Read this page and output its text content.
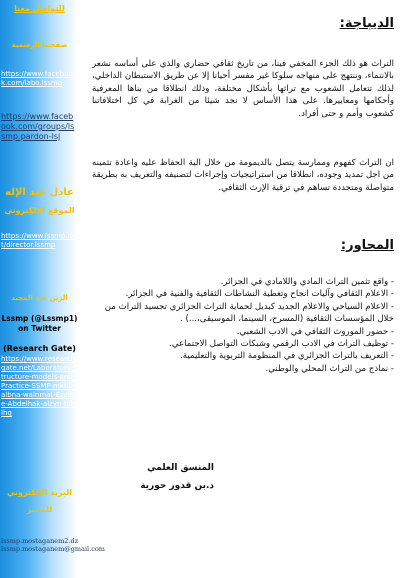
للتواصل معنا
صفحتنا الرسمية
https://www.facebook.com/labo.lssmp
https://www.facebook.com/groups/lssmp.pardon-lsj
عادل عبد الإله
الموقع الالكتروني
https://www.lssmp.net/director.lssmp
الزين عبد المجيد
Lssmp (@Lssmp1)
on Twitter
(Research Gate)
https://www.researchgate.net/Laboratory-Structure-models-and-Practice-SSMP-mkhbr-albna-walnmat-Ezzine-Abdelhak-alzyn-bdalhq
البريد الالكتروني
للمخبر
lssmp.mostaganem2.dz
lssmp.mostaganem@gmail.com
الديباجة:

التراث هو ذلك الجزء المخفي فينا، من تاريخ ثقافي حضاري والذي على أساسه نشعر بالانتماء، وننتهج على منهاجه سلوكا غير مفسر أحيانا إلا عن طريق الاستبطان الداخلي، لذلك تتعامل الشعوب مع تراثها بأشكال مختلفة، وذلك انطلاقا من بناها المعرفية وأحكامها ومعاييرها. على هذا الأساس لا نجد شيئا من الغرابة في كل اختلافاتنا كشعوب وأمم و حتى أفراد.

ان التراث كفهوم وممارسة يتصل بالديمومة من خلال الية الحفاظ عليه واعادة تثمينه من اجل تمديد وجوده، انطلاقا من استراتيجيات وإجراءات لتصنيفه والتعريف به بطريقة متواصلة ومتجددة تساهم في ترقية الإرث الثقافي.

المحاور:
- واقع تثمين التراث المادي واللامادي في الجزائر.
- الاعلام الثقافي وآليات انجاح وتغطية النشاطات الثقافية والفنية في الجزائر.
- الاعلام السياحي والاعلام الجديد كبديل لحماية التراث الجزائري تجسيد التراث من خلال المؤسسات الثقافية (المسرح، السينما، الموسيقى،...) .
- حضور الموروث الثقافي في الادب الشعبي.
- توظيف التراث في الادب الرقمي وشبكات التواصل الاجتماعي.
- التعريف بالتراث الجزائري في المنظومة التربوية والتعليمية.
- نماذج من التراث المحلي والوطني.
المنسق العلمي
د.بن قدور حورية
